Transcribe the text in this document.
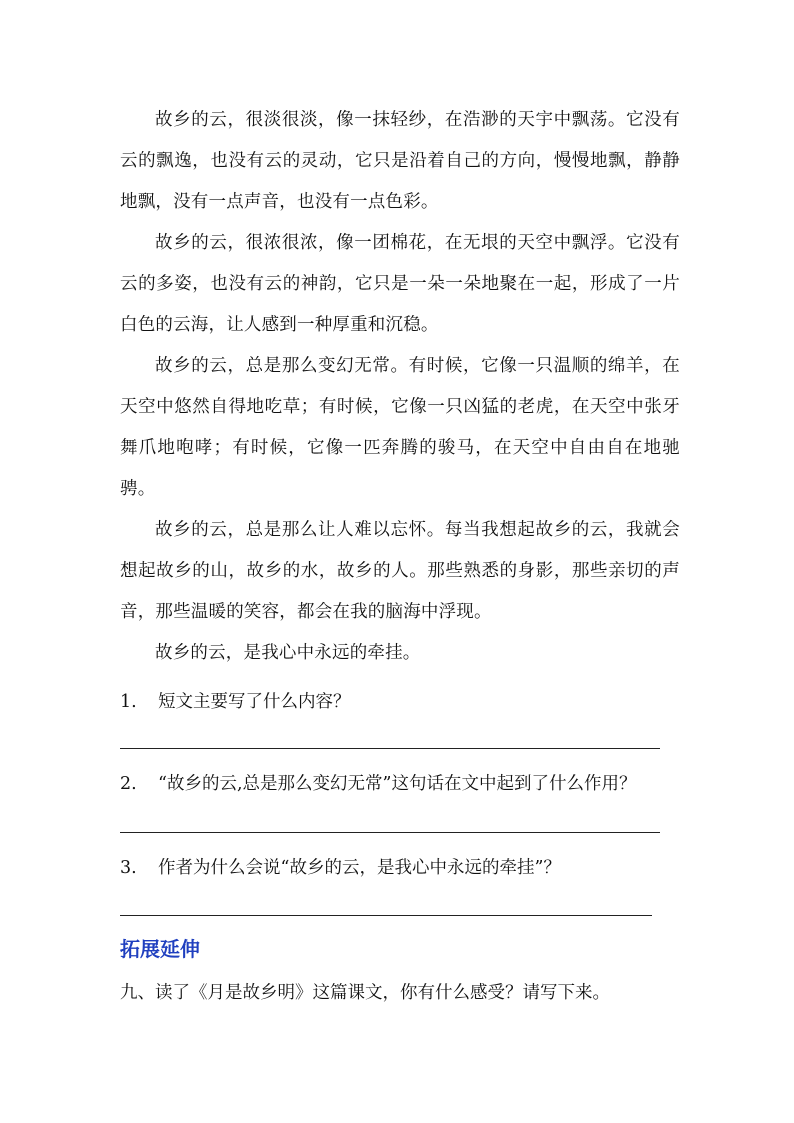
故乡的云，很淡很淡，像一抹轻纱，在浩渺的天宇中飘荡。它没有云的飘逸，也没有云的灵动，它只是沿着自己的方向，慢慢地飘，静静地飘，没有一点声音，也没有一点色彩。

故乡的云，很浓很浓，像一团棉花，在无垠的天空中飘浮。它没有云的多姿，也没有云的神韵，它只是一朵一朵地聚在一起，形成了一片白色的云海，让人感到一种厚重和沉稳。

故乡的云，总是那么变幻无常。有时候，它像一只温顺的绵羊，在天空中悠然自得地吃草；有时候，它像一只凶猛的老虎，在天空中张牙舞爪地咆哮；有时候，它像一匹奔腾的骏马，在天空中自由自在地驰骋。

故乡的云，总是那么让人难以忘怀。每当我想起故乡的云，我就会想起故乡的山，故乡的水，故乡的人。那些熟悉的身影，那些亲切的声音，那些温暖的笑容，都会在我的脑海中浮现。

故乡的云，是我心中永远的牵挂。

1. 短文主要写了什么内容？
2. “故乡的云,总是那么变幻无常”这句话在文中起到了什么作用？
3. 作者为什么会说“故乡的云，是我心中永远的牵挂”？
拓展延伸

九、读了《月是故乡明》这篇课文，你有什么感受？请写下来。
